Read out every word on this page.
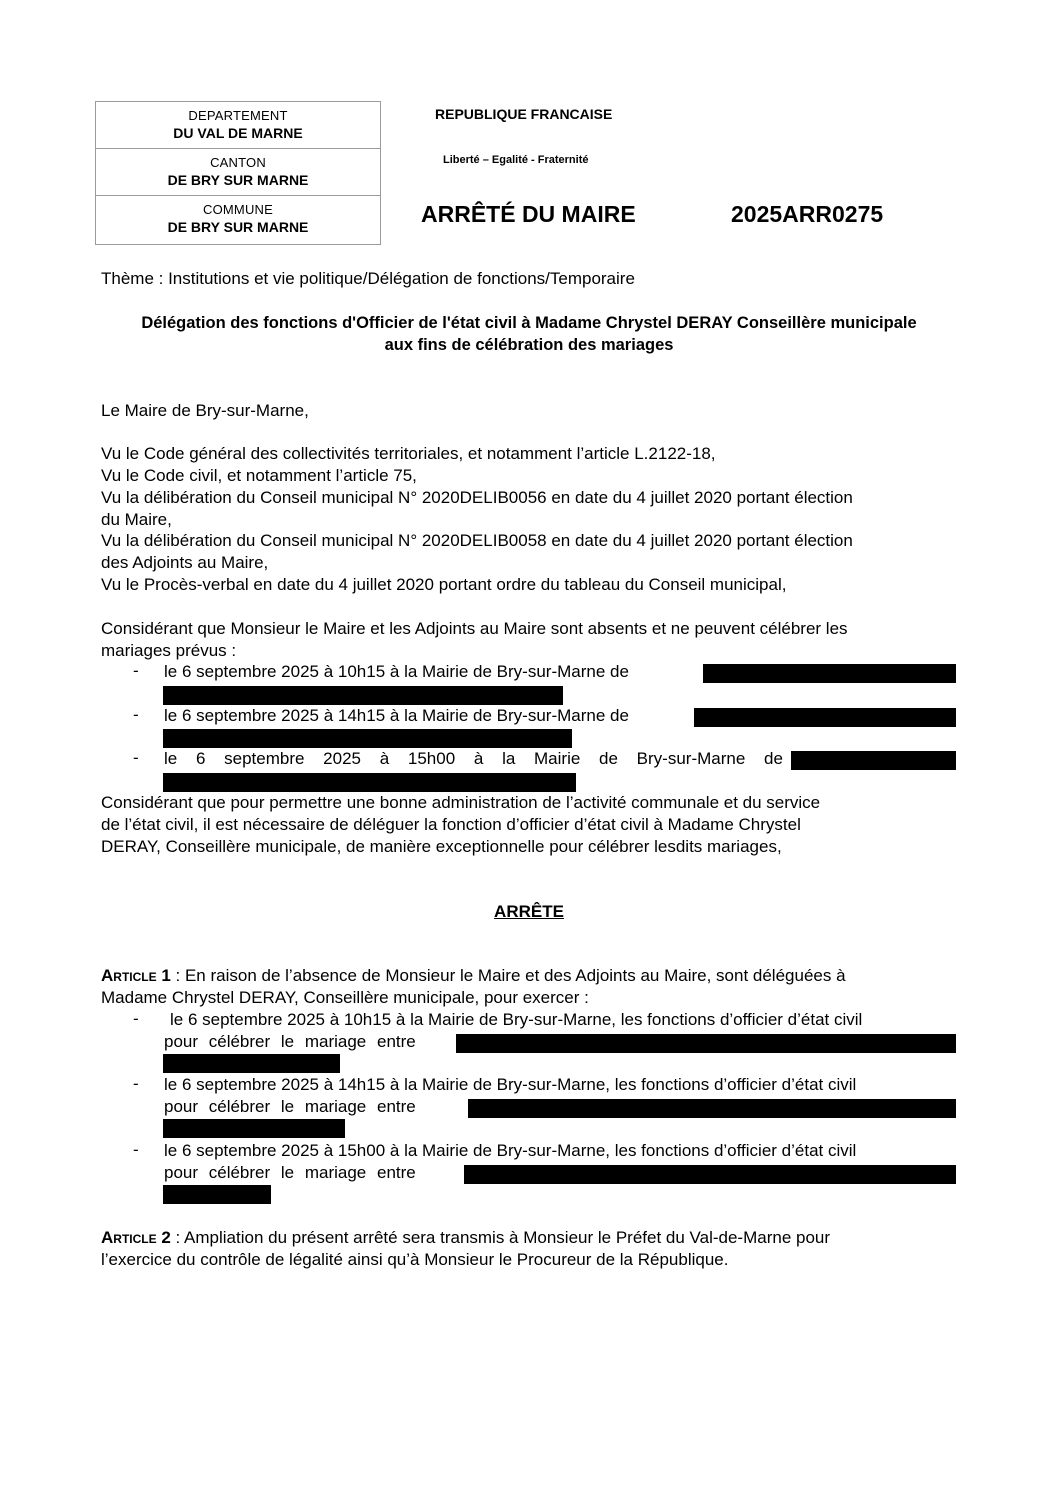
DEPARTEMENT
DU VAL DE MARNE
CANTON
DE BRY SUR MARNE
COMMUNE
DE BRY SUR MARNE
REPUBLIQUE FRANCAISE
Liberté – Egalité - Fraternité
ARRÊTÉ DU MAIRE	2025ARR0275
Thème : Institutions et vie politique/Délégation de fonctions/Temporaire
Délégation des fonctions d'Officier de l'état civil à Madame Chrystel DERAY Conseillère municipale
aux fins de célébration des mariages
Le Maire de Bry-sur-Marne,
Vu le Code général des collectivités territoriales, et notamment l’article L.2122-18,
Vu le Code civil, et notamment l’article 75,
Vu la délibération du Conseil municipal N° 2020DELIB0056 en date du 4 juillet 2020 portant élection
du Maire,
Vu la délibération du Conseil municipal N° 2020DELIB0058 en date du 4 juillet 2020 portant élection
des Adjoints au Maire,
Vu le Procès-verbal en date du 4 juillet 2020 portant ordre du tableau du Conseil municipal,
Considérant que Monsieur le Maire et les Adjoints au Maire sont absents et ne peuvent célébrer les
mariages prévus :
- le 6 septembre 2025 à 10h15 à la Mairie de Bry-sur-Marne de
- le 6 septembre 2025 à 14h15 à la Mairie de Bry-sur-Marne de
- le 6 septembre 2025 à 15h00 à la Mairie de Bry-sur-Marne de
Considérant que pour permettre une bonne administration de l’activité communale et du service
de l’état civil, il est nécessaire de déléguer la fonction d’officier d’état civil à Madame Chrystel
DERAY, Conseillère municipale, de manière exceptionnelle pour célébrer lesdits mariages,
ARRÊTE
Article 1 : En raison de l’absence de Monsieur le Maire et des Adjoints au Maire, sont déléguées à
Madame Chrystel DERAY, Conseillère municipale, pour exercer :
- le 6 septembre 2025 à 10h15 à la Mairie de Bry-sur-Marne, les fonctions d’officier d’état civil
pour célébrer le mariage entre
- le 6 septembre 2025 à 14h15 à la Mairie de Bry-sur-Marne, les fonctions d’officier d’état civil
pour célébrer le mariage entre
- le 6 septembre 2025 à 15h00 à la Mairie de Bry-sur-Marne, les fonctions d’officier d’état civil
pour célébrer le mariage entre
Article 2 : Ampliation du présent arrêté sera transmis à Monsieur le Préfet du Val-de-Marne pour
l’exercice du contrôle de légalité ainsi qu’à Monsieur le Procureur de la République.
